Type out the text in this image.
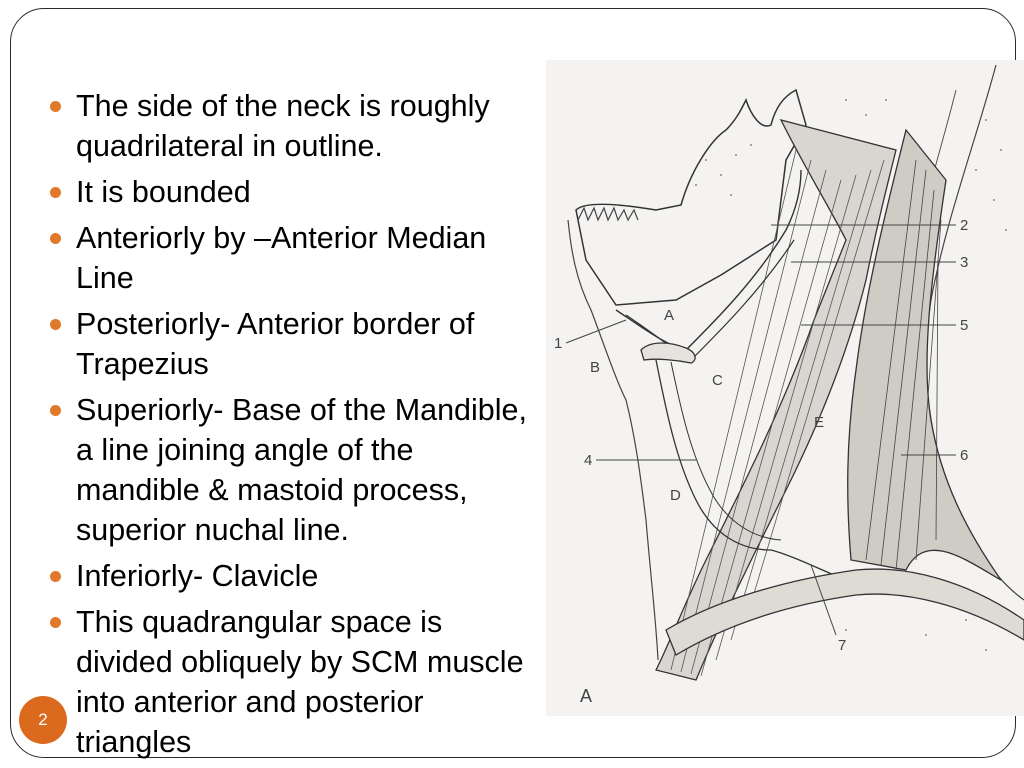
The side of the neck is roughly quadrilateral in outline.
It is bounded
Anteriorly by –Anterior Median Line
Posteriorly- Anterior border of Trapezius
Superiorly- Base of the Mandible, a line joining angle of the mandible & mastoid process, superior nuchal line.
Inferiorly- Clavicle
This quadrangular space is divided obliquely by SCM muscle into anterior and posterior triangles
2
3
5
6
4
1
7
A
B
C
D
E
A
2
